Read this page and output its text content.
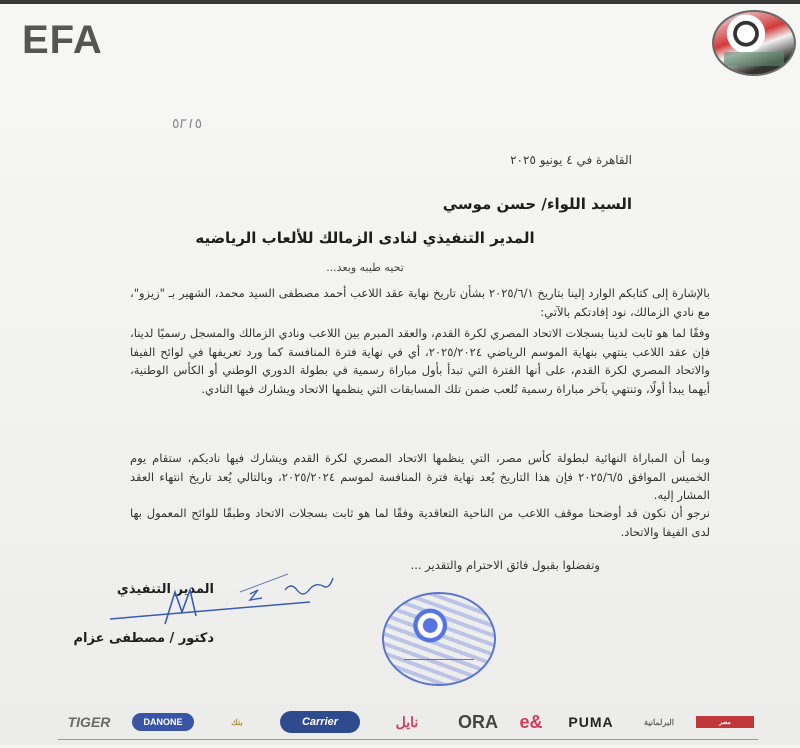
EFA
٥١٦٥
القاهرة في ٤ يونيو ٢٠٢٥
السيد اللواء/ حسن موسي
المدير التنفيذي لنادى الزمالك للألعاب الرياضيه
تحيه طيبه وبعد...
بالإشارة إلى كتابكم الوارد إلينا بتاريخ ٢٠٢٥/٦/١ بشأن تاريخ نهاية عقد اللاعب أحمد مصطفى السيد محمد، الشهير بـ "زيزو"، مع نادي الزمالك، نود إفادتكم بالآتي:
وفقًا لما هو ثابت لدينا بسجلات الاتحاد المصري لكرة القدم، والعقد المبرم بين اللاعب ونادي الزمالك والمسجل رسميًا لدينا، فإن عقد اللاعب ينتهي بنهاية الموسم الرياضي ٢٠٢٥/٢٠٢٤، أي في نهاية فترة المنافسة كما ورد تعريفها في لوائح الفيفا والاتحاد المصري لكرة القدم، على أنها الفترة التي تبدأ بأول مباراة رسمية في بطولة الدوري الوطني أو الكأس الوطنية، أيهما يبدأ أولًا، وتنتهي بآخر مباراة رسمية تُلعب ضمن تلك المسابقات التي ينظمها الاتحاد ويشارك فيها النادي.
وبما أن المباراة النهائية لبطولة كأس مصر، التي ينظمها الاتحاد المصري لكرة القدم ويشارك فيها ناديكم، ستقام يوم الخميس الموافق ٢٠٢٥/٦/٥ فإن هذا التاريخ يُعد نهاية فترة المنافسة لموسم ٢٠٢٥/٢٠٢٤، وبالتالي يُعد تاريخ انتهاء العقد المشار إليه.
نرجو أن نكون قد أوضحنا موقف اللاعب من الناحية التعاقدية وفقًا لما هو ثابت بسجلات الاتحاد وطبقًا للوائح المعمول بها لدى الفيفا والاتحاد.
وتفضلوا بقبول فائق الاحترام والتقدير ...
المدير التنفيذي
دكتور / مصطفى عزام
TIGER	DANONE	بنك	Carrier	نايل	ORA	e&	PUMA	البرلمانية	مصر
